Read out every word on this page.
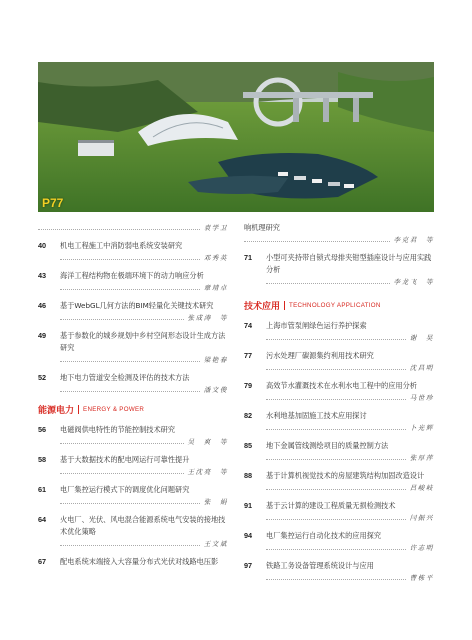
P77
袁学卫
40	机电工程施工中消防弱电系统安装研究
邓秀英
43	海洋工程结构物在极端环境下的动力响应分析
章靖卓
46	基于WebGL几何方法的BIM轻量化关键技术研究
张成涛　等
49	基于参数化的城乡规划中乡村空间形态设计生成方法研究
梁艳春
52	地下电力管道安全检测及评估的技术方法
潘文俊
能源电力 ENERGY & POWER
56	电磁阀供电特性的节能控制技术研究
吴　爽　等
58	基于大数据技术的配电网运行可靠性提升
王沈亮　等
61	电厂集控运行模式下的调度优化问题研究
张　娟
64	火电厂、光伏、风电混合能源系统电气安装的接地技术优化策略
王文斌
67	配电系统末端接入大容量分布式光伏对线路电压影
响机理研究
李克君　等
71	小型可夹持带自锁式母排夹钳型插座设计与应用实践分析
李龙飞　等
技术应用 TECHNOLOGY APPLICATION
74	上海市管泵闸绿色运行养护探索
谢　昊
77	污水处理厂碳源集约利用技术研究
沈昌明
79	高效节水灌溉技术在水利水电工程中的应用分析
马世珍
82	水利地基加固施工技术应用探讨
卜光辉
85	地下金属管线测绘项目的质量控制方法
张厚萍
88	基于计算机视觉技术的房屋建筑结构加固改造设计
吕峻岐
91	基于云计算的建设工程质量无损检测技术
闫振兴
94	电厂集控运行自动化技术的应用探究
许志明
97	铁路工务设备管理系统设计与应用
曹栋平
